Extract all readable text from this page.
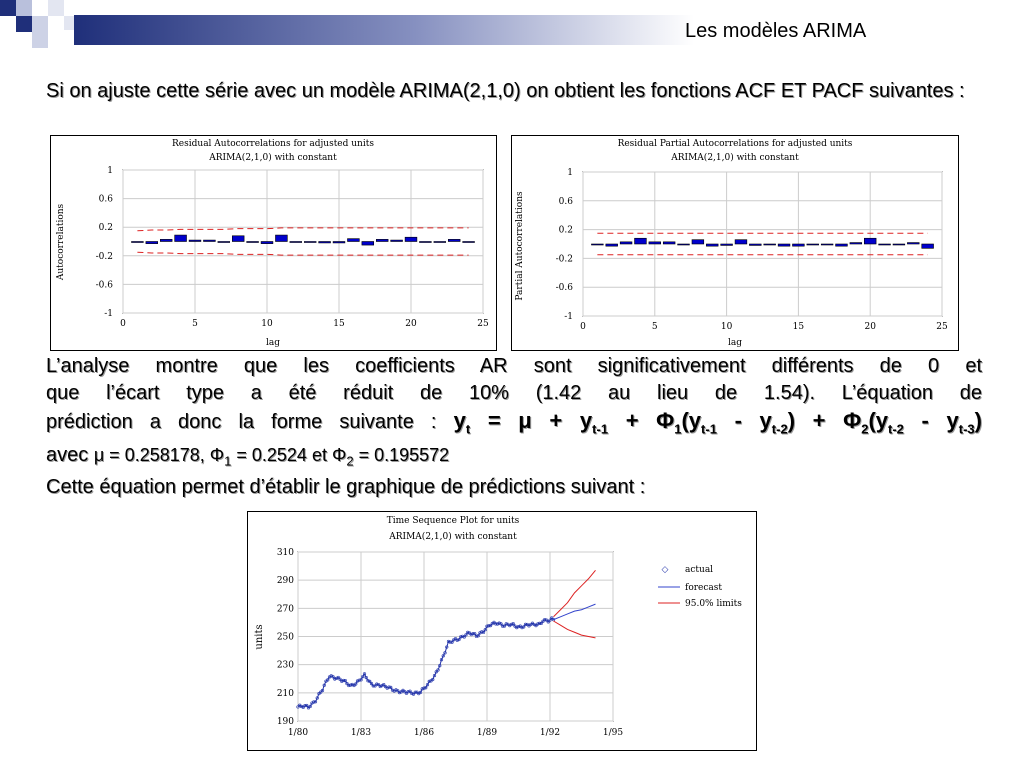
Les modèles ARIMA
Si on ajuste cette série avec un modèle ARIMA(2,1,0) on obtient les fonctions ACF ET PACF suivantes :
Residual Autocorrelations for adjusted units
ARIMA(2,1,0) with constant
lag
Autocorrelations
1
0.6
0.2
-0.2
-0.6
-1
0	5	10	15	20	25
Residual Partial Autocorrelations for adjusted units
ARIMA(2,1,0) with constant
lag
Partial Autocorrelations
1
0.6
0.2
-0.2
-0.6
-1
0	5	10	15	20	25
L’analyse montre que les coefficients AR sont significativement différents de 0 et
que l’écart type a été réduit de 10% (1.42 au lieu de 1.54). L’équation de
prédiction a donc la forme suivante : $y_t = \mu + y_{t-1} + \Phi_1(y_{t-1} - y_{t-2}) + \Phi_2(y_{t-2} - y_{t-3})$
avec μ = 0.258178, $\Phi_1 = 0.2524$ et $\Phi_2 = 0.195572$
Cette équation permet d’établir le graphique de prédictions suivant :
Time Sequence Plot for units
ARIMA(2,1,0) with constant
units
◇ actual
forecast
95.0% limits
310
290
270
250
230
210
190
1/80	1/83	1/86	1/89	1/92	1/95
